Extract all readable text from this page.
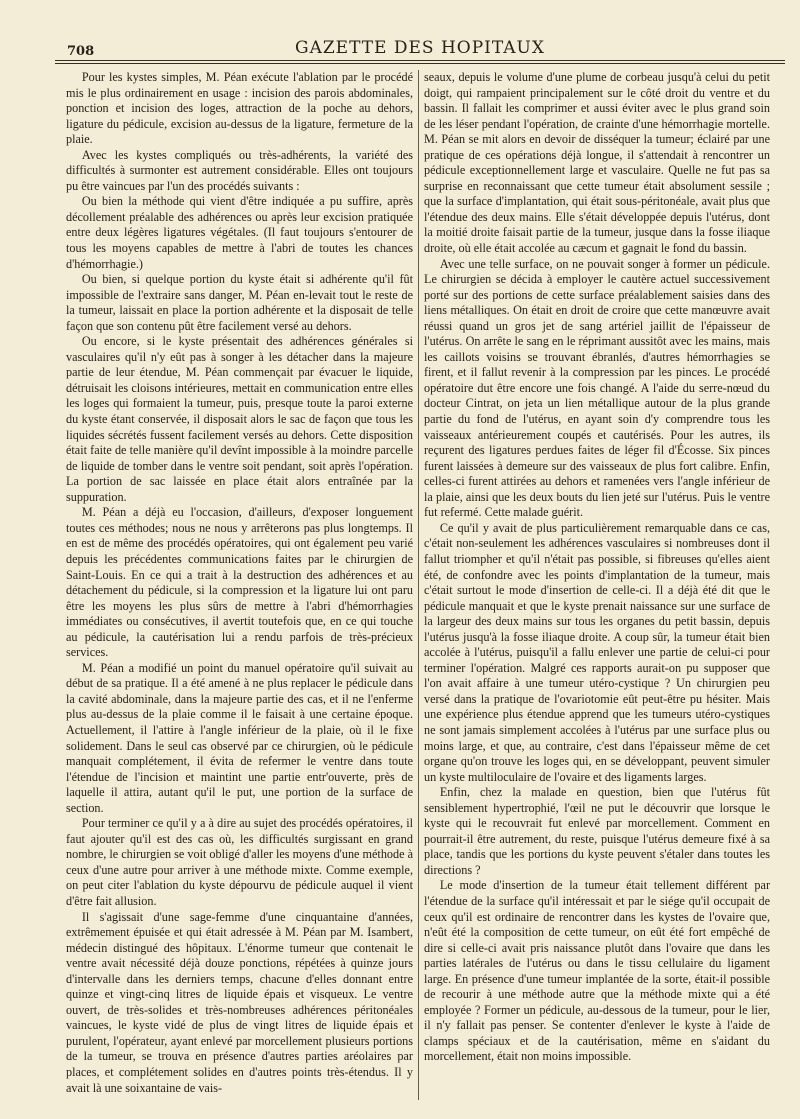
708	GAZETTE DES HOPITAUX

Pour les kystes simples, M. Péan exécute l'ablation par le procédé mis le plus ordinairement en usage : incision des parois abdominales, ponction et incision des loges, attraction de la poche au dehors, ligature du pédicule, excision au-dessus de la ligature, fermeture de la plaie.

Avec les kystes compliqués ou très-adhérents, la variété des difficultés à surmonter est autrement considérable. Elles ont toujours pu être vaincues par l'un des procédés suivants :

Ou bien la méthode qui vient d'être indiquée a pu suffire, après décollement préalable des adhérences ou après leur excision pratiquée entre deux légères ligatures végétales. (Il faut toujours s'entourer de tous les moyens capables de mettre à l'abri de toutes les chances d'hémorrhagie.)

Ou bien, si quelque portion du kyste était si adhérente qu'il fût impossible de l'extraire sans danger, M. Péan en-levait tout le reste de la tumeur, laissait en place la portion adhérente et la disposait de telle façon que son contenu pût être facilement versé au dehors.

Ou encore, si le kyste présentait des adhérences générales si vasculaires qu'il n'y eût pas à songer à les détacher dans la majeure partie de leur étendue, M. Péan commençait par évacuer le liquide, détruisait les cloisons intérieures, mettait en communication entre elles les loges qui formaient la tumeur, puis, presque toute la paroi externe du kyste étant conservée, il disposait alors le sac de façon que tous les liquides sécrétés fussent facilement versés au dehors. Cette disposition était faite de telle manière qu'il devînt impossible à la moindre parcelle de liquide de tomber dans le ventre soit pendant, soit après l'opération. La portion de sac laissée en place était alors entraînée par la suppuration.

M. Péan a déjà eu l'occasion, d'ailleurs, d'exposer longuement toutes ces méthodes; nous ne nous y arrêterons pas plus longtemps. Il en est de même des procédés opératoires, qui ont également peu varié depuis les précédentes communications faites par le chirurgien de Saint-Louis. En ce qui a trait à la destruction des adhérences et au détachement du pédicule, si la compression et la ligature lui ont paru être les moyens les plus sûrs de mettre à l'abri d'hémorrhagies immédiates ou consécutives, il avertit toutefois que, en ce qui touche au pédicule, la cautérisation lui a rendu parfois de très-précieux services.

M. Péan a modifié un point du manuel opératoire qu'il suivait au début de sa pratique. Il a été amené à ne plus replacer le pédicule dans la cavité abdominale, dans la majeure partie des cas, et il ne l'enferme plus au-dessus de la plaie comme il le faisait à une certaine époque. Actuellement, il l'attire à l'angle inférieur de la plaie, où il le fixe solidement. Dans le seul cas observé par ce chirurgien, où le pédicule manquait complétement, il évita de refermer le ventre dans toute l'étendue de l'incision et maintint une partie entr'ouverte, près de laquelle il attira, autant qu'il le put, une portion de la surface de section.

Pour terminer ce qu'il y a à dire au sujet des procédés opératoires, il faut ajouter qu'il est des cas où, les difficultés surgissant en grand nombre, le chirurgien se voit obligé d'aller les moyens d'une méthode à ceux d'une autre pour arriver à une méthode mixte. Comme exemple, on peut citer l'ablation du kyste dépourvu de pédicule auquel il vient d'être fait allusion.

Il s'agissait d'une sage-femme d'une cinquantaine d'années, extrêmement épuisée et qui était adressée à M. Péan par M. Isambert, médecin distingué des hôpitaux. L'énorme tumeur que contenait le ventre avait nécessité déjà douze ponctions, répétées à quinze jours d'intervalle dans les derniers temps, chacune d'elles donnant entre quinze et vingt-cinq litres de liquide épais et visqueux. Le ventre ouvert, de très-solides et très-nombreuses adhérences péritonéales vaincues, le kyste vidé de plus de vingt litres de liquide épais et purulent, l'opérateur, ayant enlevé par morcellement plusieurs portions de la tumeur, se trouva en présence d'autres parties aréolaires par places, et complétement solides en d'autres points très-étendus. Il y avait là une soixantaine de vais-

seaux, depuis le volume d'une plume de corbeau jusqu'à celui du petit doigt, qui rampaient principalement sur le côté droit du ventre et du bassin. Il fallait les comprimer et aussi éviter avec le plus grand soin de les léser pendant l'opération, de crainte d'une hémorrhagie mortelle. M. Péan se mit alors en devoir de disséquer la tumeur; éclairé par une pratique de ces opérations déjà longue, il s'attendait à rencontrer un pédicule exceptionnellement large et vasculaire. Quelle ne fut pas sa surprise en reconnaissant que cette tumeur était absolument sessile ; que la surface d'implantation, qui était sous-péritonéale, avait plus que l'étendue des deux mains. Elle s'était développée depuis l'utérus, dont la moitié droite faisait partie de la tumeur, jusque dans la fosse iliaque droite, où elle était accolée au cæcum et gagnait le fond du bassin.

Avec une telle surface, on ne pouvait songer à former un pédicule. Le chirurgien se décida à employer le cautère actuel successivement porté sur des portions de cette surface préalablement saisies dans des liens métalliques. On était en droit de croire que cette manœuvre avait réussi quand un gros jet de sang artériel jaillit de l'épaisseur de l'utérus. On arrête le sang en le réprimant aussitôt avec les mains, mais les caillots voisins se trouvant ébranlés, d'autres hémorrhagies se firent, et il fallut revenir à la compression par les pinces. Le procédé opératoire dut être encore une fois changé. A l'aide du serre-nœud du docteur Cintrat, on jeta un lien métallique autour de la plus grande partie du fond de l'utérus, en ayant soin d'y comprendre tous les vaisseaux antérieurement coupés et cautérisés. Pour les autres, ils reçurent des ligatures perdues faites de léger fil d'Écosse. Six pinces furent laissées à demeure sur des vaisseaux de plus fort calibre. Enfin, celles-ci furent attirées au dehors et ramenées vers l'angle inférieur de la plaie, ainsi que les deux bouts du lien jeté sur l'utérus. Puis le ventre fut refermé. Cette malade guérit.

Ce qu'il y avait de plus particulièrement remarquable dans ce cas, c'était non-seulement les adhérences vasculaires si nombreuses dont il fallut triompher et qu'il n'était pas possible, si fibreuses qu'elles aient été, de confondre avec les points d'implantation de la tumeur, mais c'était surtout le mode d'insertion de celle-ci. Il a déjà été dit que le pédicule manquait et que le kyste prenait naissance sur une surface de la largeur des deux mains sur tous les organes du petit bassin, depuis l'utérus jusqu'à la fosse iliaque droite. A coup sûr, la tumeur était bien accolée à l'utérus, puisqu'il a fallu enlever une partie de celui-ci pour terminer l'opération. Malgré ces rapports aurait-on pu supposer que l'on avait affaire à une tumeur utéro-cystique ? Un chirurgien peu versé dans la pratique de l'ovariotomie eût peut-être pu hésiter. Mais une expérience plus étendue apprend que les tumeurs utéro-cystiques ne sont jamais simplement accolées à l'utérus par une surface plus ou moins large, et que, au contraire, c'est dans l'épaisseur même de cet organe qu'on trouve les loges qui, en se développant, peuvent simuler un kyste multiloculaire de l'ovaire et des ligaments larges.

Enfin, chez la malade en question, bien que l'utérus fût sensiblement hypertrophié, l'œil ne put le découvrir que lorsque le kyste qui le recouvrait fut enlevé par morcellement. Comment en pourrait-il être autrement, du reste, puisque l'utérus demeure fixé à sa place, tandis que les portions du kyste peuvent s'étaler dans toutes les directions ?

Le mode d'insertion de la tumeur était tellement différent par l'étendue de la surface qu'il intéressait et par le siége qu'il occupait de ceux qu'il est ordinaire de rencontrer dans les kystes de l'ovaire que, n'eût été la composition de cette tumeur, on eût été fort empêché de dire si celle-ci avait pris naissance plutôt dans l'ovaire que dans les parties latérales de l'utérus ou dans le tissu cellulaire du ligament large. En présence d'une tumeur implantée de la sorte, était-il possible de recourir à une méthode autre que la méthode mixte qui a été employée ? Former un pédicule, au-dessous de la tumeur, pour le lier, il n'y fallait pas penser. Se contenter d'enlever le kyste à l'aide de clamps spéciaux et de la cautérisation, même en s'aidant du morcellement, était non moins impossible.
